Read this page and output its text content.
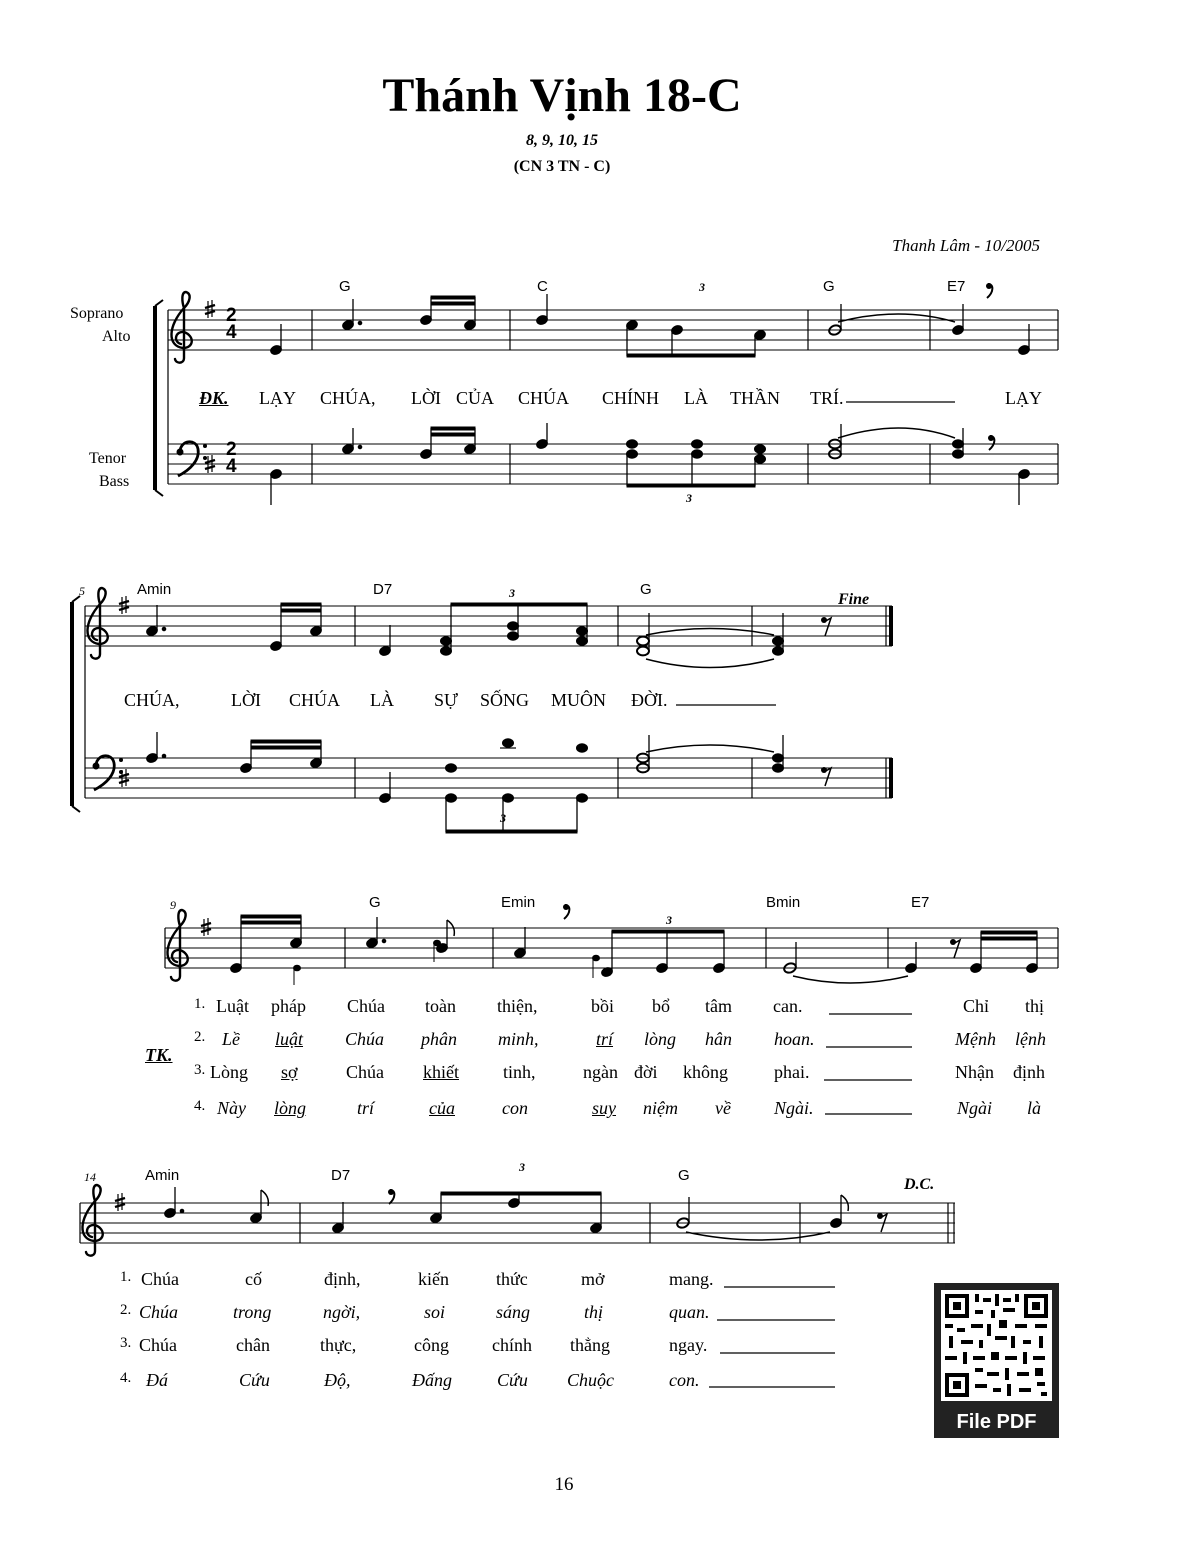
Thánh Vịnh 18-C
8, 9, 10, 15
(CN 3 TN - C)
Thanh Lâm - 10/2005
Soprano
Alto
Tenor
Bass
2
4
2
4
G	C	G	E7
3
3
ĐK. LẠY CHÚA, LỜI CỦA CHÚA CHÍNH LÀ THẦN TRÍ.	LẠY
5	Amin	D7	G
Fine
3
3
CHÚA,	LỜI CHÚA LÀ SỰ SỐNG MUÔN ĐỜI.
9	G	Emin	Bmin	E7
3
TK.
1. Luật pháp Chúa toàn thiện,	bồi bổ tâm can.	Chỉ thị
2. Lề luật Chúa phân minh,	trí lòng hân hoan.	Mệnh lệnh
3. Lòng sợ	Chúa khiết tinh,	ngàn đời không	phai.	Nhận định
4. Này lòng	trí	của	con	suy niệm về Ngài.	Ngài là
14	Amin	D7	G
3
D.C.
1. Chúa	cố	định,	kiến	thức	mở	mang.
2. Chúa	trong	ngời,	soi	sáng	thị	quan.
3. Chúa	chân	thực,	công chính thẳng	ngay.
4. Đá	Cứu	Độ,	Đấng	Cứu Chuộc	con.
File PDF
16
